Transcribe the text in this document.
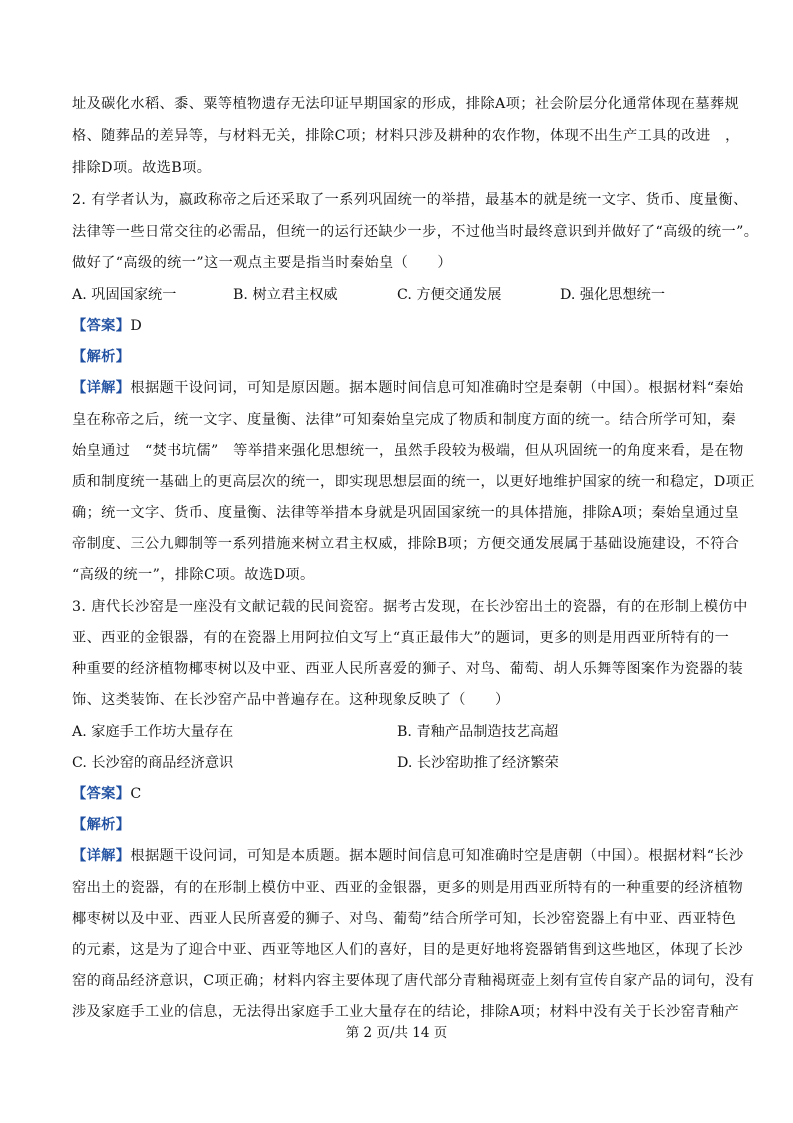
址及碳化水稻、黍、粟等植物遗存无法印证早期国家的形成，排除A项；社会阶层分化通常体现在墓葬规
格、随葬品的差异等，与材料无关，排除C项；材料只涉及耕种的农作物，体现不出生产工具的改进　，
排除D项。故选B项。
2. 有学者认为，嬴政称帝之后还采取了一系列巩固统一的举措，最基本的就是统一文字、货币、度量衡、
法律等一些日常交往的必需品，但统一的运行还缺少一步，不过他当时最终意识到并做好了“高级的统一”。
做好了“高级的统一”这一观点主要是指当时秦始皇（　　）
A. 巩固国家统一	B. 树立君主权威	C. 方便交通发展	D. 强化思想统一
【答案】D
【解析】
【详解】根据题干设问词，可知是原因题。据本题时间信息可知准确时空是秦朝（中国）。根据材料“秦始
皇在称帝之后，统一文字、度量衡、法律”可知秦始皇完成了物质和制度方面的统一。结合所学可知，秦
始皇通过　“焚书坑儒”　等举措来强化思想统一，虽然手段较为极端，但从巩固统一的角度来看，是在物
质和制度统一基础上的更高层次的统一，即实现思想层面的统一，以更好地维护国家的统一和稳定，D项正
确；统一文字、货币、度量衡、法律等举措本身就是巩固国家统一的具体措施，排除A项；秦始皇通过皇
帝制度、三公九卿制等一系列措施来树立君主权威，排除B项；方便交通发展属于基础设施建设，不符合
“高级的统一”，排除C项。故选D项。
3. 唐代长沙窑是一座没有文献记载的民间瓷窑。据考古发现，在长沙窑出土的瓷器，有的在形制上模仿中
亚、西亚的金银器，有的在瓷器上用阿拉伯文写上“真正最伟大”的题词，更多的则是用西亚所特有的一
种重要的经济植物椰枣树以及中亚、西亚人民所喜爱的狮子、对鸟、葡萄、胡人乐舞等图案作为瓷器的装
饰、这类装饰、在长沙窑产品中普遍存在。这种现象反映了（　　）
A. 家庭手工作坊大量存在	B. 青釉产品制造技艺高超
C. 长沙窑的商品经济意识	D. 长沙窑助推了经济繁荣
【答案】C
【解析】
【详解】根据题干设问词，可知是本质题。据本题时间信息可知准确时空是唐朝（中国）。根据材料“长沙
窑出土的瓷器，有的在形制上模仿中亚、西亚的金银器，更多的则是用西亚所特有的一种重要的经济植物
椰枣树以及中亚、西亚人民所喜爱的狮子、对鸟、葡萄”结合所学可知，长沙窑瓷器上有中亚、西亚特色
的元素，这是为了迎合中亚、西亚等地区人们的喜好，目的是更好地将瓷器销售到这些地区，体现了长沙
窑的商品经济意识，C项正确；材料内容主要体现了唐代部分青釉褐斑壶上刻有宣传自家产品的词句，没有
涉及家庭手工业的信息，无法得出家庭手工业大量存在的结论，排除A项；材料中没有关于长沙窑青釉产
第 2 页/共 14 页
